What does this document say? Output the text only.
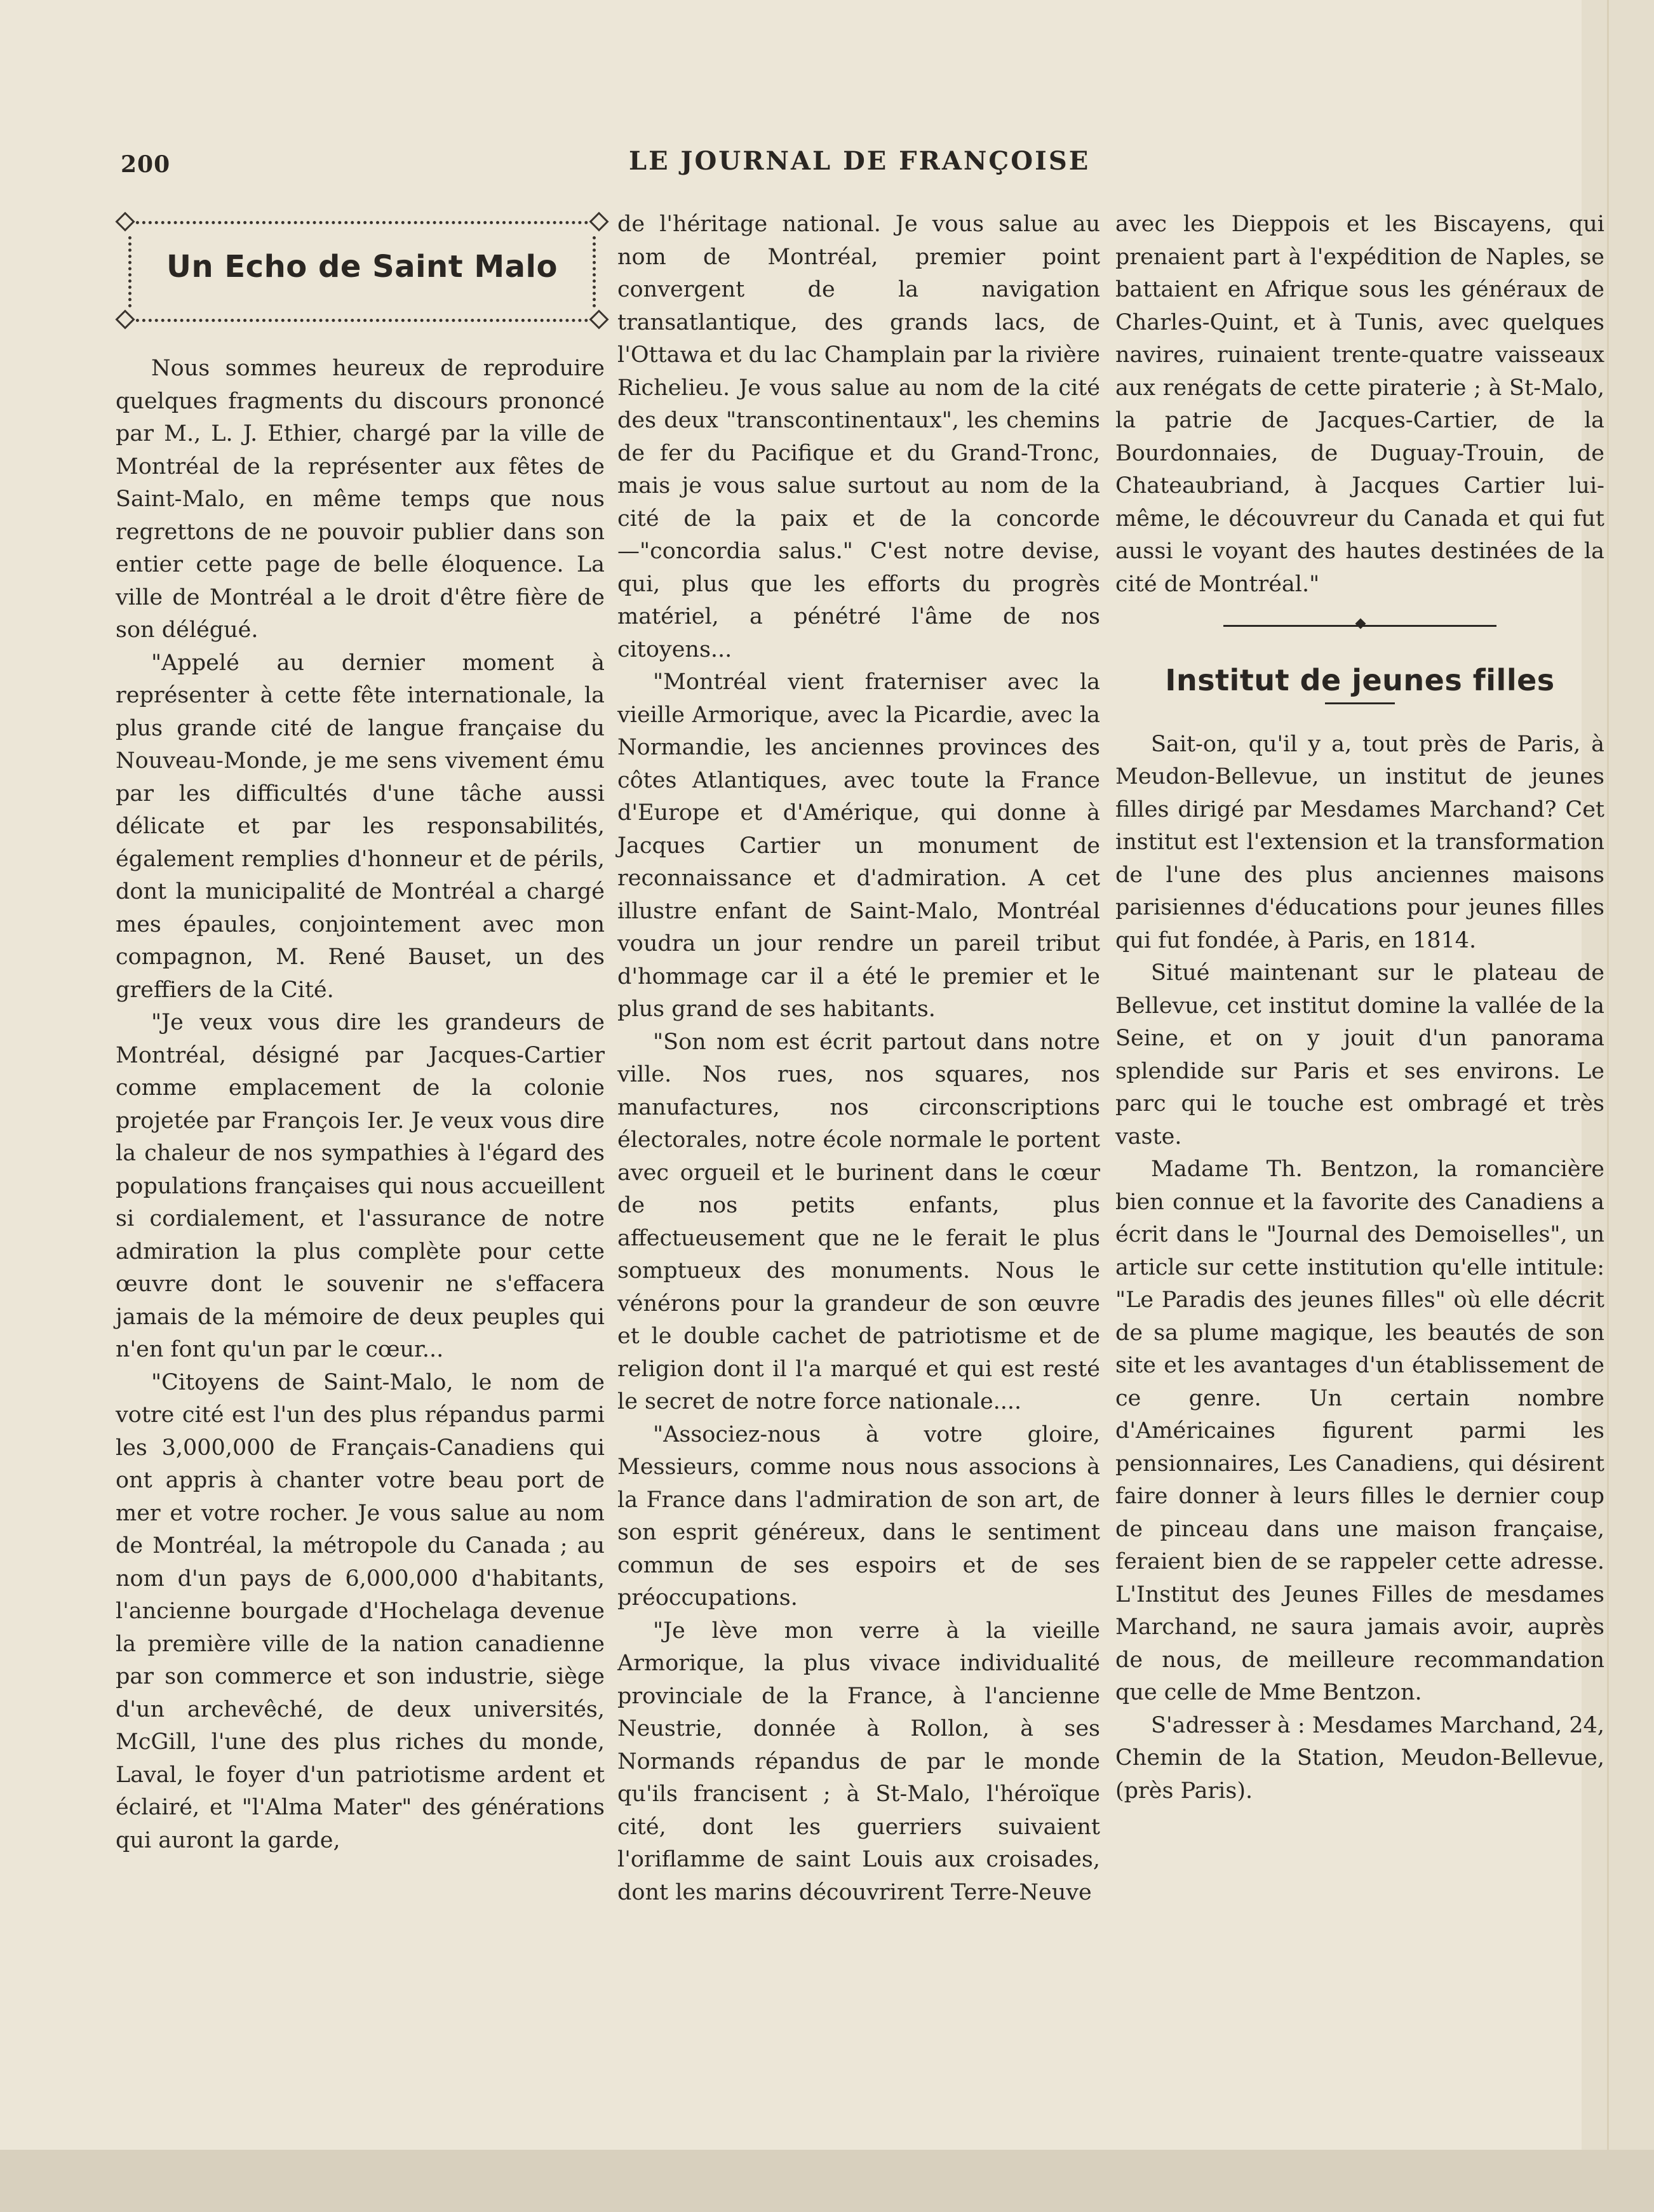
200	LE JOURNAL DE FRANÇOISE
Un Echo de Saint Malo

Nous sommes heureux de reproduire quelques fragments du discours prononcé par M., L. J. Ethier, chargé par la ville de Montréal de la représenter aux fêtes de Saint-Malo, en même temps que nous regrettons de ne pouvoir publier dans son entier cette page de belle éloquence. La ville de Montréal a le droit d'être fière de son délégué.

"Appelé au dernier moment à représenter à cette fête internationale, la plus grande cité de langue française du Nouveau-Monde, je me sens vivement ému par les difficultés d'une tâche aussi délicate et par les responsabilités, également remplies d'honneur et de périls, dont la municipalité de Montréal a chargé mes épaules, conjointement avec mon compagnon, M. René Bauset, un des greffiers de la Cité.

"Je veux vous dire les grandeurs de Montréal, désigné par Jacques-Cartier comme emplacement de la colonie projetée par François Ier. Je veux vous dire la chaleur de nos sympathies à l'égard des populations françaises qui nous accueillent si cordialement, et l'assurance de notre admiration la plus complète pour cette œuvre dont le souvenir ne s'effacera jamais de la mémoire de deux peuples qui n'en font qu'un par le cœur...

"Citoyens de Saint-Malo, le nom de votre cité est l'un des plus répandus parmi les 3,000,000 de Français-Canadiens qui ont appris à chanter votre beau port de mer et votre rocher. Je vous salue au nom de Montréal, la métropole du Canada ; au nom d'un pays de 6,000,000 d'habitants, l'ancienne bourgade d'Hochelaga devenue la première ville de la nation canadienne par son commerce et son industrie, siège d'un archevêché, de deux universités, McGill, l'une des plus riches du monde, Laval, le foyer d'un patriotisme ardent et éclairé, et "l'Alma Mater" des générations qui auront la garde,

de l'héritage national. Je vous salue au nom de Montréal, premier point convergent de la navigation transatlantique, des grands lacs, de l'Ottawa et du lac Champlain par la rivière Richelieu. Je vous salue au nom de la cité des deux "transcontinentaux", les chemins de fer du Pacifique et du Grand-Tronc, mais je vous salue surtout au nom de la cité de la paix et de la concorde—"concordia salus." C'est notre devise, qui, plus que les efforts du progrès matériel, a pénétré l'âme de nos citoyens...

"Montréal vient fraterniser avec la vieille Armorique, avec la Picardie, avec la Normandie, les anciennes provinces des côtes Atlantiques, avec toute la France d'Europe et d'Amérique, qui donne à Jacques Cartier un monument de reconnaissance et d'admiration. A cet illustre enfant de Saint-Malo, Montréal voudra un jour rendre un pareil tribut d'hommage car il a été le premier et le plus grand de ses habitants.

"Son nom est écrit partout dans notre ville. Nos rues, nos squares, nos manufactures, nos circonscriptions électorales, notre école normale le portent avec orgueil et le burinent dans le cœur de nos petits enfants, plus affectueusement que ne le ferait le plus somptueux des monuments. Nous le vénérons pour la grandeur de son œuvre et le double cachet de patriotisme et de religion dont il l'a marqué et qui est resté le secret de notre force nationale....

"Associez-nous à votre gloire, Messieurs, comme nous nous associons à la France dans l'admiration de son art, de son esprit généreux, dans le sentiment commun de ses espoirs et de ses préoccupations.

"Je lève mon verre à la vieille Armorique, la plus vivace individualité provinciale de la France, à l'ancienne Neustrie, donnée à Rollon, à ses Normands répandus de par le monde qu'ils francisent ; à St-Malo, l'héroïque cité, dont les guerriers suivaient l'oriflamme de saint Louis aux croisades, dont les marins découvrirent Terre-Neuve

avec les Dieppois et les Biscayens, qui prenaient part à l'expédition de Naples, se battaient en Afrique sous les généraux de Charles-Quint, et à Tunis, avec quelques navires, ruinaient trente-quatre vaisseaux aux renégats de cette piraterie ; à St-Malo, la patrie de Jacques-Cartier, de la Bourdonnaies, de Duguay-Trouin, de Chateaubriand, à Jacques Cartier lui-même, le découvreur du Canada et qui fut aussi le voyant des hautes destinées de la cité de Montréal."

Institut de jeunes filles

Sait-on, qu'il y a, tout près de Paris, à Meudon-Bellevue, un institut de jeunes filles dirigé par Mesdames Marchand? Cet institut est l'extension et la transformation de l'une des plus anciennes maisons parisiennes d'éducations pour jeunes filles qui fut fondée, à Paris, en 1814.

Situé maintenant sur le plateau de Bellevue, cet institut domine la vallée de la Seine, et on y jouit d'un panorama splendide sur Paris et ses environs. Le parc qui le touche est ombragé et très vaste.

Madame Th. Bentzon, la romancière bien connue et la favorite des Canadiens a écrit dans le "Journal des Demoiselles", un article sur cette institution qu'elle intitule: "Le Paradis des jeunes filles" où elle décrit de sa plume magique, les beautés de son site et les avantages d'un établissement de ce genre. Un certain nombre d'Américaines figurent parmi les pensionnaires, Les Canadiens, qui désirent faire donner à leurs filles le dernier coup de pinceau dans une maison française, feraient bien de se rappeler cette adresse. L'Institut des Jeunes Filles de mesdames Marchand, ne saura jamais avoir, auprès de nous, de meilleure recommandation que celle de Mme Bentzon.

S'adresser à : Mesdames Marchand, 24, Chemin de la Station, Meudon-Bellevue, (près Paris).
